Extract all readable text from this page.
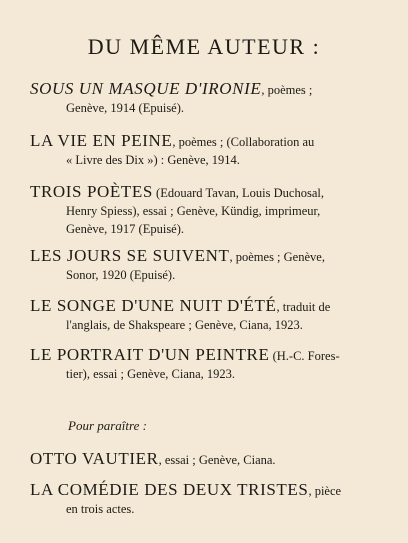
DU MÊME AUTEUR :
SOUS UN MASQUE D'IRONIE, poèmes ;
Genève, 1914 (Epuisé).
LA VIE EN PEINE, poèmes ; (Collaboration au
« Livre des Dix ») : Genève, 1914.
TROIS POÈTES (Edouard Tavan, Louis Duchosal,
Henry Spiess), essai ; Genève, Kündig, imprimeur,
Genève, 1917 (Epuisé).
LES JOURS SE SUIVENT, poèmes ; Genève,
Sonor, 1920 (Epuisé).
LE SONGE D'UNE NUIT D'ÉTÉ, traduit de
l'anglais, de Shakspeare ; Genève, Ciana, 1923.
LE PORTRAIT D'UN PEINTRE (H.-C. Fores-
tier), essai ; Genève, Ciana, 1923.
Pour paraître :
OTTO VAUTIER, essai ; Genève, Ciana.
LA COMÉDIE DES DEUX TRISTES, pièce
en trois actes.
